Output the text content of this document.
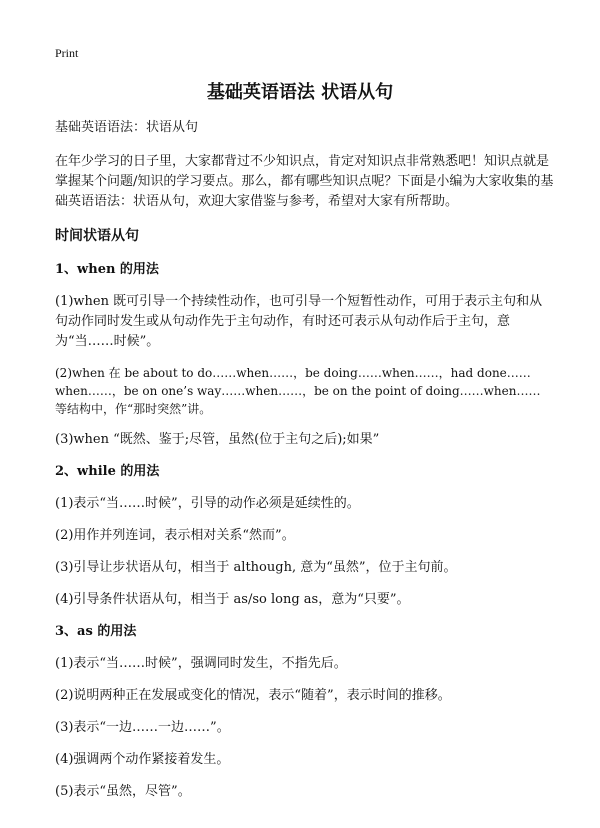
Print
基础英语语法 状语从句

基础英语语法：状语从句

在年少学习的日子里，大家都背过不少知识点，肯定对知识点非常熟悉吧！知识点就是掌握某个问题/知识的学习要点。那么，都有哪些知识点呢？下面是小编为大家收集的基础英语语法：状语从句，欢迎大家借鉴与参考，希望对大家有所帮助。

时间状语从句
1、when 的用法

(1)when 既可引导一个持续性动作，也可引导一个短暂性动作，可用于表示主句和从句动作同时发生或从句动作先于主句动作，有时还可表示从句动作后于主句，意为“当……时候”。

(2)when 在 be about to do……when……，be doing……when……，had done……when……，be on one’s way……when……，be on the point of doing……when…… 等结构中，作“那时突然”讲。

(3)when “既然、鉴于;尽管，虽然(位于主句之后);如果”

2、while 的用法

(1)表示“当……时候”，引导的动作必须是延续性的。

(2)用作并列连词，表示相对关系“然而”。

(3)引导让步状语从句，相当于 although, 意为“虽然”，位于主句前。

(4)引导条件状语从句，相当于 as/so long as，意为“只要”。

3、as 的用法

(1)表示“当……时候”，强调同时发生，不指先后。

(2)说明两种正在发展或变化的情况，表示“随着”，表示时间的推移。

(3)表示“一边……一边……”。

(4)强调两个动作紧接着发生。

(5)表示“虽然，尽管”。
